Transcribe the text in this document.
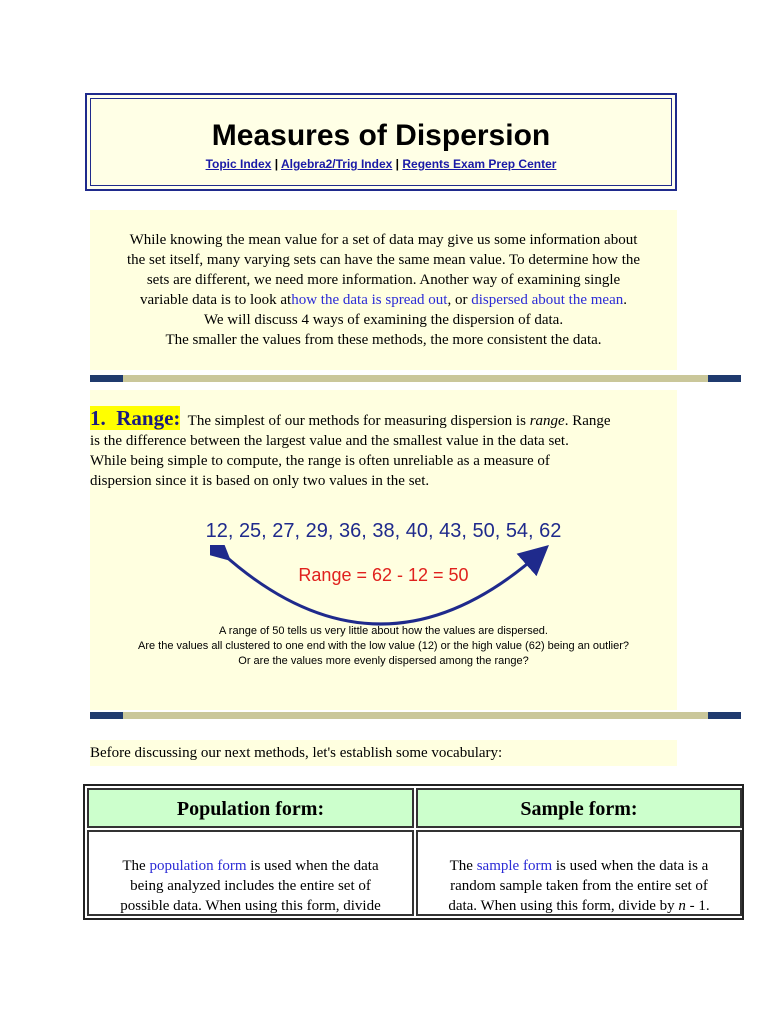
Measures of Dispersion
Topic Index | Algebra2/Trig Index | Regents Exam Prep Center
While knowing the mean value for a set of data may give us some information about
the set itself, many varying sets can have the same mean value. To determine how the
sets are different, we need more information. Another way of examining single
variable data is to look athow the data is spread out, or dispersed about the mean.
We will discuss 4 ways of examining the dispersion of data.
The smaller the values from these methods, the more consistent the data.
1. Range: The simplest of our methods for measuring dispersion is range. Range
is the difference between the largest value and the smallest value in the data set.
While being simple to compute, the range is often unreliable as a measure of
dispersion since it is based on only two values in the set.
12, 25, 27, 29, 36, 38, 40, 43, 50, 54, 62
Range = 62 - 12 = 50
A range of 50 tells us very little about how the values are dispersed.
Are the values all clustered to one end with the low value (12) or the high value (62) being an outlier?
Or are the values more evenly dispersed among the range?
Before discussing our next methods, let's establish some vocabulary:
Population form:	Sample form:
The population form is used when the data
being analyzed includes the entire set of
possible data. When using this form, divide
The sample form is used when the data is a
random sample taken from the entire set of
data. When using this form, divide by n - 1.
